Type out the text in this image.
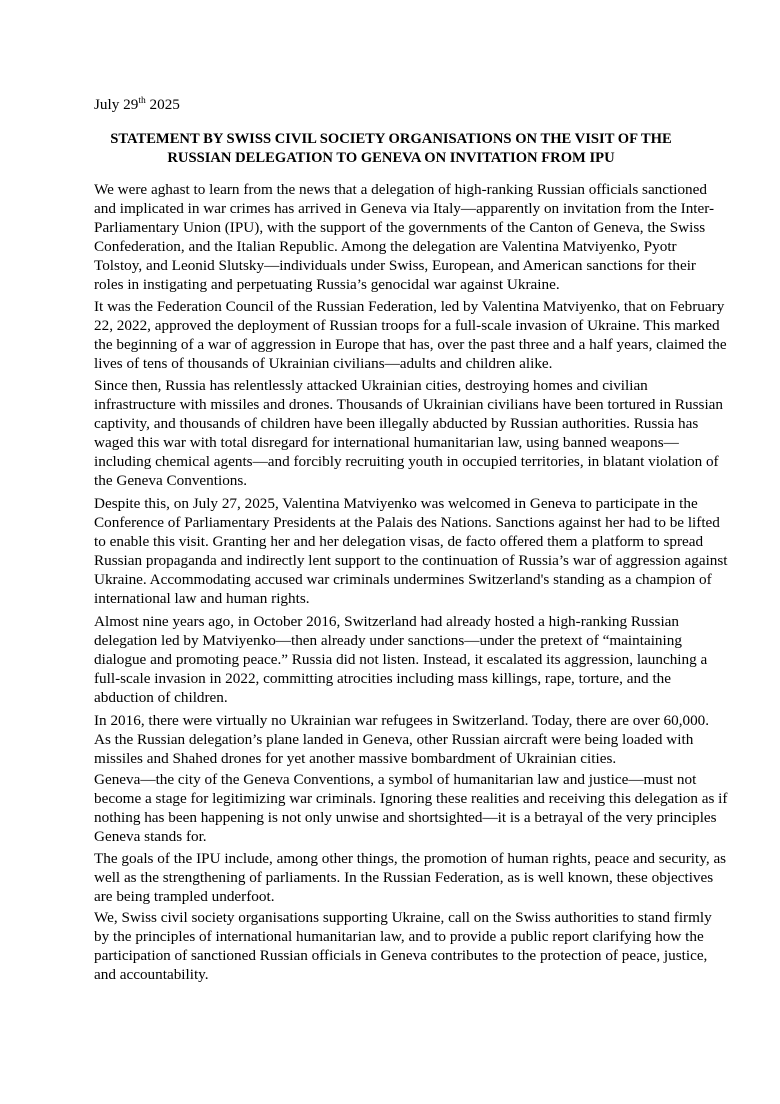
July 29th 2025

STATEMENT BY SWISS CIVIL SOCIETY ORGANISATIONS ON THE VISIT OF THE
RUSSIAN DELEGATION TO GENEVA ON INVITATION FROM IPU
We were aghast to learn from the news that a delegation of high-ranking Russian officials sanctioned
and implicated in war crimes has arrived in Geneva via Italy—apparently on invitation from the Inter-
Parliamentary Union (IPU), with the support of the governments of the Canton of Geneva, the Swiss
Confederation, and the Italian Republic. Among the delegation are Valentina Matviyenko, Pyotr
Tolstoy, and Leonid Slutsky—individuals under Swiss, European, and American sanctions for their
roles in instigating and perpetuating Russia’s genocidal war against Ukraine.
It was the Federation Council of the Russian Federation, led by Valentina Matviyenko, that on February
22, 2022, approved the deployment of Russian troops for a full-scale invasion of Ukraine. This marked
the beginning of a war of aggression in Europe that has, over the past three and a half years, claimed the
lives of tens of thousands of Ukrainian civilians—adults and children alike.
Since then, Russia has relentlessly attacked Ukrainian cities, destroying homes and civilian
infrastructure with missiles and drones. Thousands of Ukrainian civilians have been tortured in Russian
captivity, and thousands of children have been illegally abducted by Russian authorities. Russia has
waged this war with total disregard for international humanitarian law, using banned weapons—
including chemical agents—and forcibly recruiting youth in occupied territories, in blatant violation of
the Geneva Conventions.
Despite this, on July 27, 2025, Valentina Matviyenko was welcomed in Geneva to participate in the
Conference of Parliamentary Presidents at the Palais des Nations. Sanctions against her had to be lifted
to enable this visit. Granting her and her delegation visas, de facto offered them a platform to spread
Russian propaganda and indirectly lent support to the continuation of Russia’s war of aggression against
Ukraine. Accommodating accused war criminals undermines Switzerland's standing as a champion of
international law and human rights.
Almost nine years ago, in October 2016, Switzerland had already hosted a high-ranking Russian
delegation led by Matviyenko—then already under sanctions—under the pretext of “maintaining
dialogue and promoting peace.” Russia did not listen. Instead, it escalated its aggression, launching a
full-scale invasion in 2022, committing atrocities including mass killings, rape, torture, and the
abduction of children.
In 2016, there were virtually no Ukrainian war refugees in Switzerland. Today, there are over 60,000.
As the Russian delegation’s plane landed in Geneva, other Russian aircraft were being loaded with
missiles and Shahed drones for yet another massive bombardment of Ukrainian cities.
Geneva—the city of the Geneva Conventions, a symbol of humanitarian law and justice—must not
become a stage for legitimizing war criminals. Ignoring these realities and receiving this delegation as if
nothing has been happening is not only unwise and shortsighted—it is a betrayal of the very principles
Geneva stands for.
The goals of the IPU include, among other things, the promotion of human rights, peace and security, as
well as the strengthening of parliaments. In the Russian Federation, as is well known, these objectives
are being trampled underfoot.
We, Swiss civil society organisations supporting Ukraine, call on the Swiss authorities to stand firmly
by the principles of international humanitarian law, and to provide a public report clarifying how the
participation of sanctioned Russian officials in Geneva contributes to the protection of peace, justice,
and accountability.
